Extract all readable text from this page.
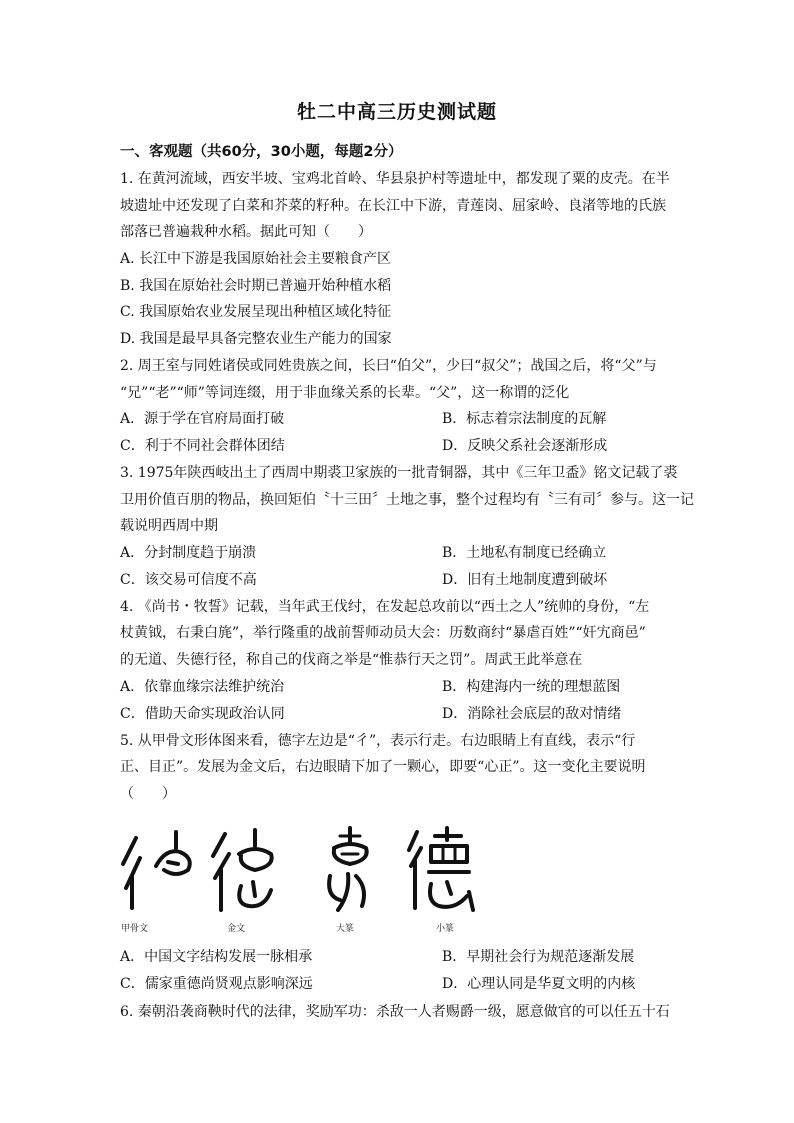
牡二中高三历史测试题
一、客观题（共60分，30小题，每题2分）
1. 在黄河流域，西安半坡、宝鸡北首岭、华县泉护村等遗址中，都发现了粟的皮壳。在半
坡遗址中还发现了白菜和芥菜的籽种。在长江中下游，青莲岗、屈家岭、良渚等地的氏族
部落已普遍栽种水稻。据此可知（　　）
A. 长江中下游是我国原始社会主要粮食产区
B. 我国在原始社会时期已普遍开始种植水稻
C. 我国原始农业发展呈现出种植区域化特征
D. 我国是最早具备完整农业生产能力的国家
2. 周王室与同姓诸侯或同姓贵族之间，长曰“伯父”，少曰“叔父”；战国之后，将“父”与
“兄”“老”“师”等词连缀，用于非血缘关系的长辈。“父”，这一称谓的泛化
A．源于学在官府局面打破	B．标志着宗法制度的瓦解
C．利于不同社会群体团结	D．反映父系社会逐渐形成
3. 1975年陕西岐出土了西周中期裘卫家族的一批青铜器，其中《三年卫盉》铭文记载了裘
卫用价值百朋的物品，换回矩伯〝十三田〞土地之事，整个过程均有〝三有司〞参与。这一记
载说明西周中期
A．分封制度趋于崩溃	B．土地私有制度已经确立
C．该交易可信度不高	D．旧有土地制度遭到破坏
4. 《尚书・牧誓》记载，当年武王伐纣，在发起总攻前以“西土之人”统帅的身份，“左
杖黄钺，右秉白旄”，举行隆重的战前誓师动员大会：历数商纣“暴虐百姓”“奸宄商邑”
的无道、失德行径，称自己的伐商之举是“惟恭行天之罚”。周武王此举意在
A．依靠血缘宗法维护统治	B．构建海内一统的理想蓝图
C．借助天命实现政治认同	D．消除社会底层的敌对情绪
5. 从甲骨文形体图来看，德字左边是“彳”，表示行走。右边眼睛上有直线，表示“行
正、目正”。发展为金文后，右边眼睛下加了一颗心，即要“心正”。这一变化主要说明
（　　）
甲骨文	金文	大篆	小篆
A．中国文字结构发展一脉相承	B．早期社会行为规范逐渐发展
C．儒家重德尚贤观点影响深远	D．心理认同是华夏文明的内核
6. 秦朝沿袭商鞅时代的法律，奖励军功：杀敌一人者赐爵一级，愿意做官的可以任五十石
